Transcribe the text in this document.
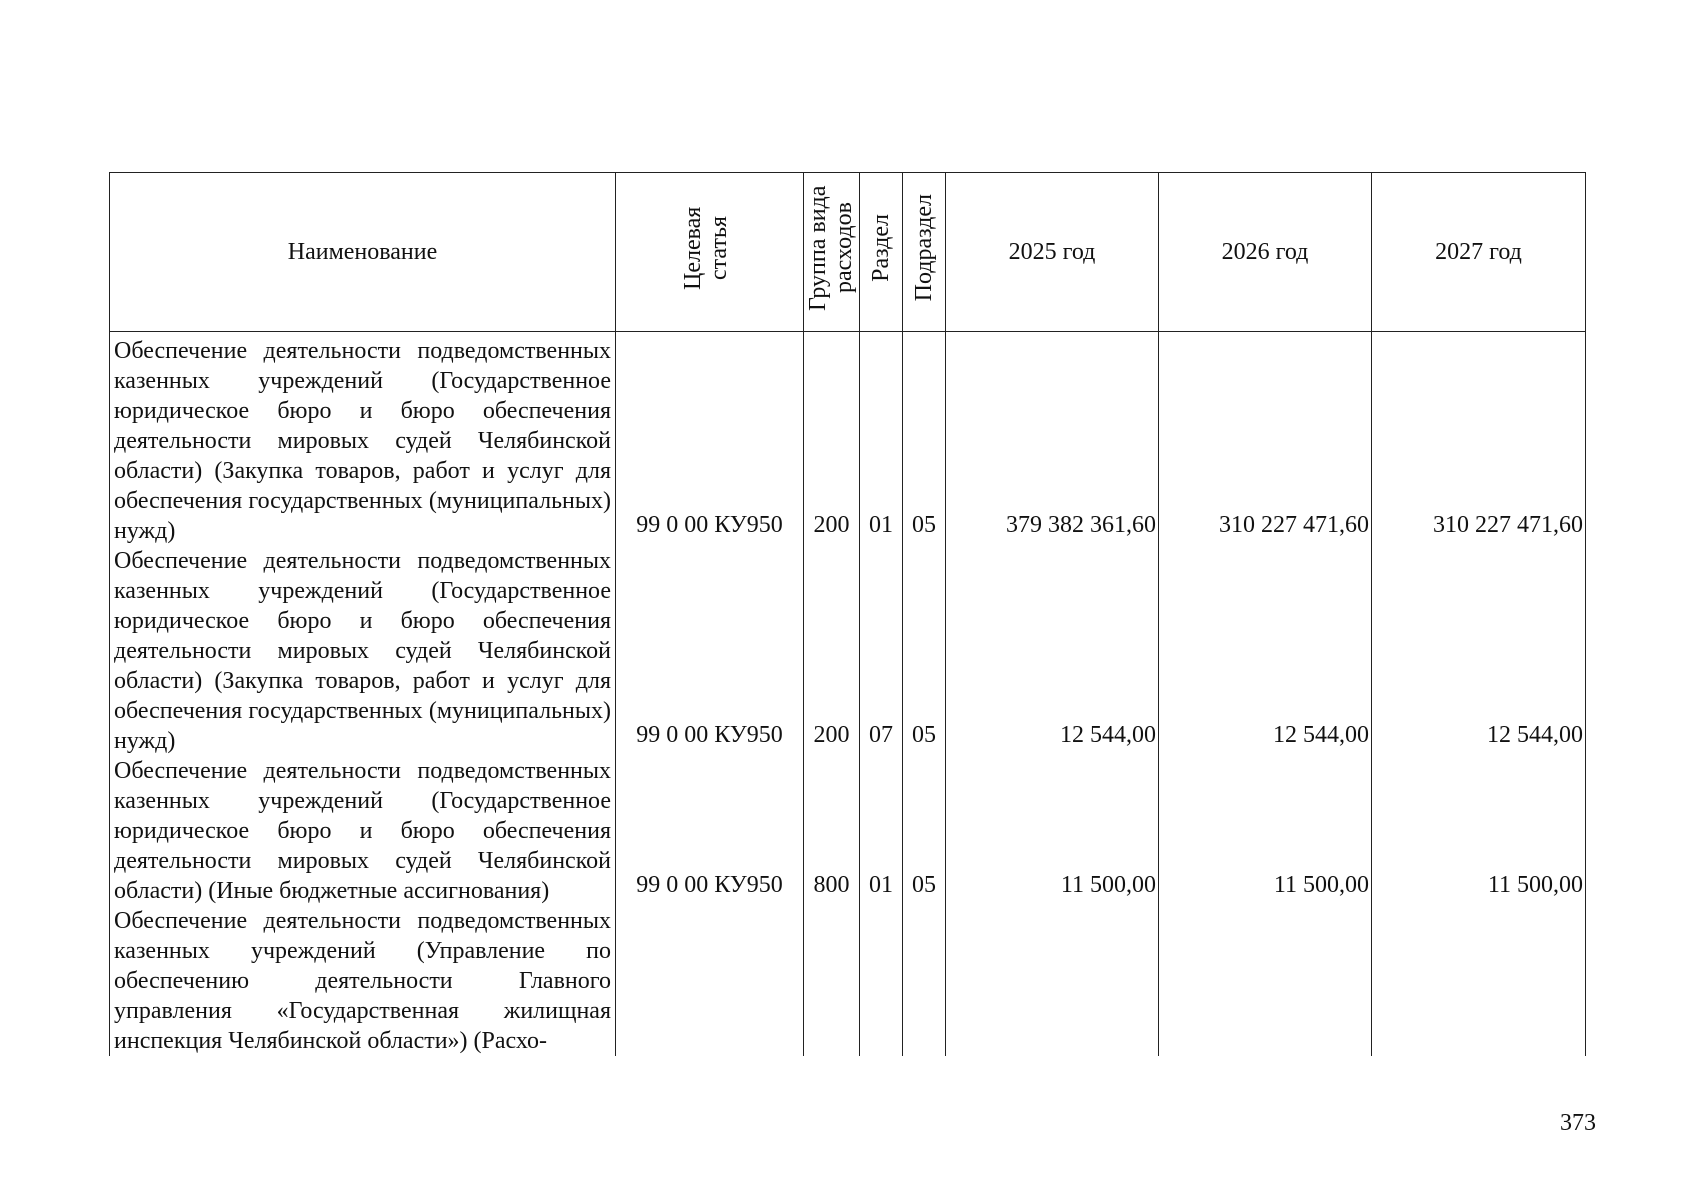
Наименование	Целевая статья	Группа вида расходов	Раздел	Подраздел	2025 год	2026 год	2027 год
Обеспечение деятельности подведомственных казенных учреждений (Государственное юридическое бюро и бюро обеспечения деятельности мировых судей Челябинской области) (Закупка товаров, работ и услуг для обеспечения государственных (муниципальных) нужд)	99 0 00 КУ950	200	01	05	379 382 361,60	310 227 471,60	310 227 471,60
Обеспечение деятельности подведомственных казенных учреждений (Государственное юридическое бюро и бюро обеспечения деятельности мировых судей Челябинской области) (Закупка товаров, работ и услуг для обеспечения государственных (муниципальных) нужд)	99 0 00 КУ950	200	07	05	12 544,00	12 544,00	12 544,00
Обеспечение деятельности подведомственных казенных учреждений (Государственное юридическое бюро и бюро обеспечения деятельности мировых судей Челябинской области) (Иные бюджетные ассигнования)	99 0 00 КУ950	800	01	05	11 500,00	11 500,00	11 500,00
Обеспечение деятельности подведомственных казенных учреждений (Управление по обеспечению деятельности Главного управления «Государственная жилищная инспекция Челябинской области») (Расхо-							
373
